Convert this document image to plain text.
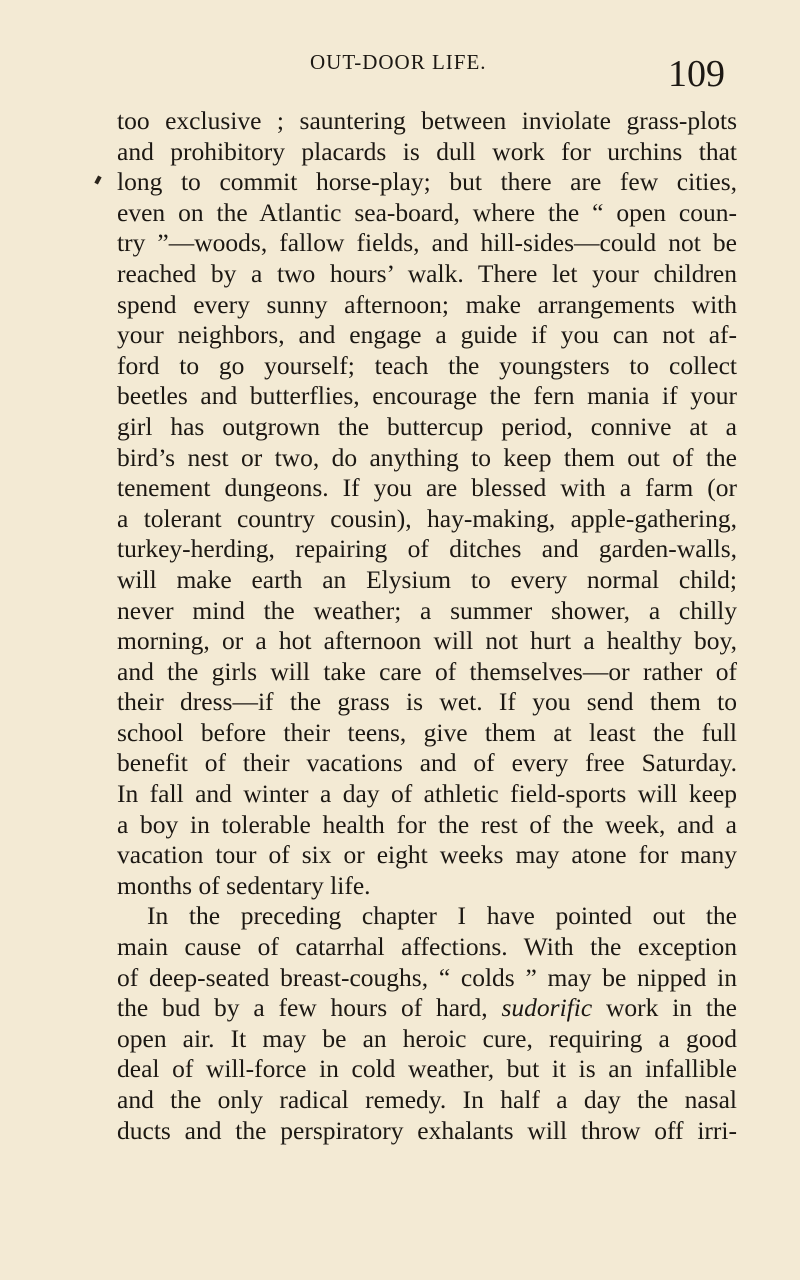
OUT-DOOR LIFE.	109
too exclusive ; sauntering between inviolate grass-plots
and prohibitory placards is dull work for urchins that
long to commit horse-play; but there are few cities,
even on the Atlantic sea-board, where the “ open coun-
try ”—woods, fallow fields, and hill-sides—could not be
reached by a two hours’ walk. There let your children
spend every sunny afternoon; make arrangements with
your neighbors, and engage a guide if you can not af-
ford to go yourself; teach the youngsters to collect
beetles and butterflies, encourage the fern mania if your
girl has outgrown the buttercup period, connive at a
bird’s nest or two, do anything to keep them out of the
tenement dungeons. If you are blessed with a farm (or
a tolerant country cousin), hay-making, apple-gathering,
turkey-herding, repairing of ditches and garden-walls,
will make earth an Elysium to every normal child;
never mind the weather; a summer shower, a chilly
morning, or a hot afternoon will not hurt a healthy boy,
and the girls will take care of themselves—or rather of
their dress—if the grass is wet. If you send them to
school before their teens, give them at least the full
benefit of their vacations and of every free Saturday.
In fall and winter a day of athletic field-sports will keep
a boy in tolerable health for the rest of the week, and a
vacation tour of six or eight weeks may atone for many
months of sedentary life.
In the preceding chapter I have pointed out the
main cause of catarrhal affections. With the exception
of deep-seated breast-coughs, “ colds ” may be nipped in
the bud by a few hours of hard, sudorific work in the
open air. It may be an heroic cure, requiring a good
deal of will-force in cold weather, but it is an infallible
and the only radical remedy. In half a day the nasal
ducts and the perspiratory exhalants will throw off irri-
